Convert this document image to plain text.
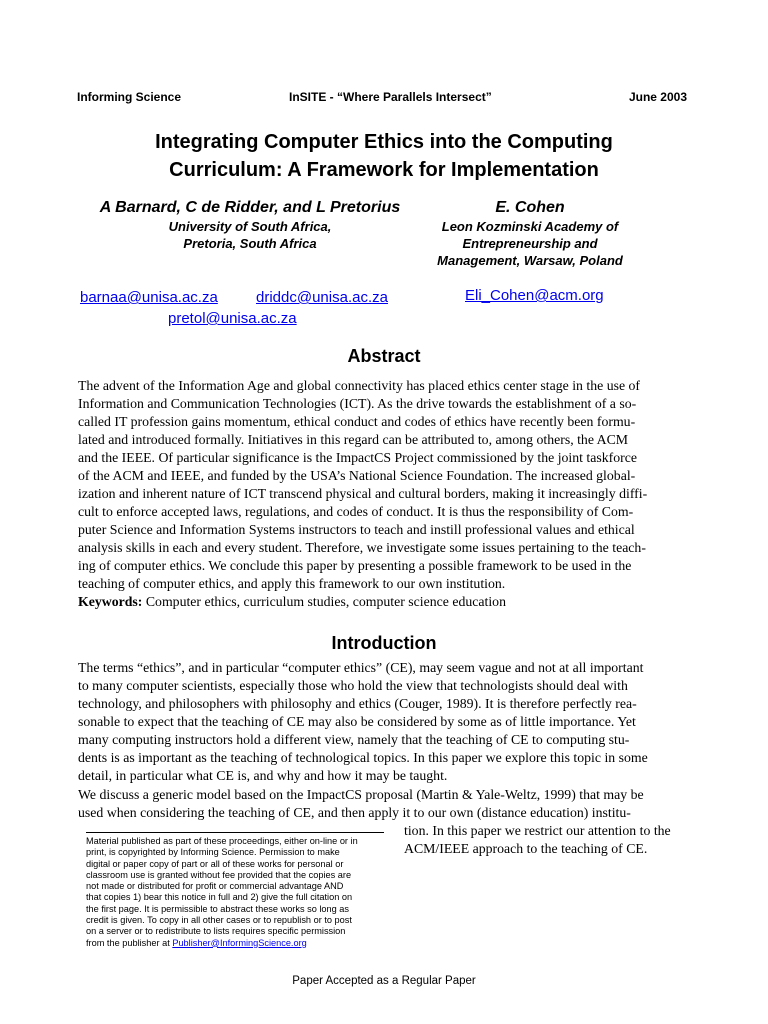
Informing Science	InSITE - “Where Parallels Intersect”	June 2003
Integrating Computer Ethics into the Computing
Curriculum: A Framework for Implementation
A Barnard, C de Ridder, and L Pretorius
University of South Africa,
Pretoria, South Africa
E. Cohen
Leon Kozminski Academy of
Entrepreneurship and
Management, Warsaw, Poland
barnaa@unisa.ac.za	driddc@unisa.ac.za
pretol@unisa.ac.za
Eli_Cohen@acm.org
Abstract
The advent of the Information Age and global connectivity has placed ethics center stage in the use of
Information and Communication Technologies (ICT). As the drive towards the establishment of a so-
called IT profession gains momentum, ethical conduct and codes of ethics have recently been formu-
lated and introduced formally. Initiatives in this regard can be attributed to, among others, the ACM
and the IEEE. Of particular significance is the ImpactCS Project commissioned by the joint taskforce
of the ACM and IEEE, and funded by the USA’s National Science Foundation. The increased global-
ization and inherent nature of ICT transcend physical and cultural borders, making it increasingly diffi-
cult to enforce accepted laws, regulations, and codes of conduct. It is thus the responsibility of Com-
puter Science and Information Systems instructors to teach and instill professional values and ethical
analysis skills in each and every student. Therefore, we investigate some issues pertaining to the teach-
ing of computer ethics. We conclude this paper by presenting a possible framework to be used in the
teaching of computer ethics, and apply this framework to our own institution.
Keywords: Computer ethics, curriculum studies, computer science education
Introduction
The terms “ethics”, and in particular “computer ethics” (CE), may seem vague and not at all important
to many computer scientists, especially those who hold the view that technologists should deal with
technology, and philosophers with philosophy and ethics (Couger, 1989). It is therefore perfectly rea-
sonable to expect that the teaching of CE may also be considered by some as of little importance. Yet
many computing instructors hold a different view, namely that the teaching of CE to computing stu-
dents is as important as the teaching of technological topics. In this paper we explore this topic in some
detail, in particular what CE is, and why and how it may be taught.
We discuss a generic model based on the ImpactCS proposal (Martin & Yale-Weltz, 1999) that may be
used when considering the teaching of CE, and then apply it to our own (distance education) institu-
tion. In this paper we restrict our attention to the
ACM/IEEE approach to the teaching of CE.
Material published as part of these proceedings, either on-line or in
print, is copyrighted by Informing Science. Permission to make
digital or paper copy of part or all of these works for personal or
classroom use is granted without fee provided that the copies are
not made or distributed for profit or commercial advantage AND
that copies 1) bear this notice in full and 2) give the full citation on
the first page. It is permissible to abstract these works so long as
credit is given. To copy in all other cases or to republish or to post
on a server or to redistribute to lists requires specific permission
from the publisher at Publisher@InformingScience.org
Paper Accepted as a Regular Paper
